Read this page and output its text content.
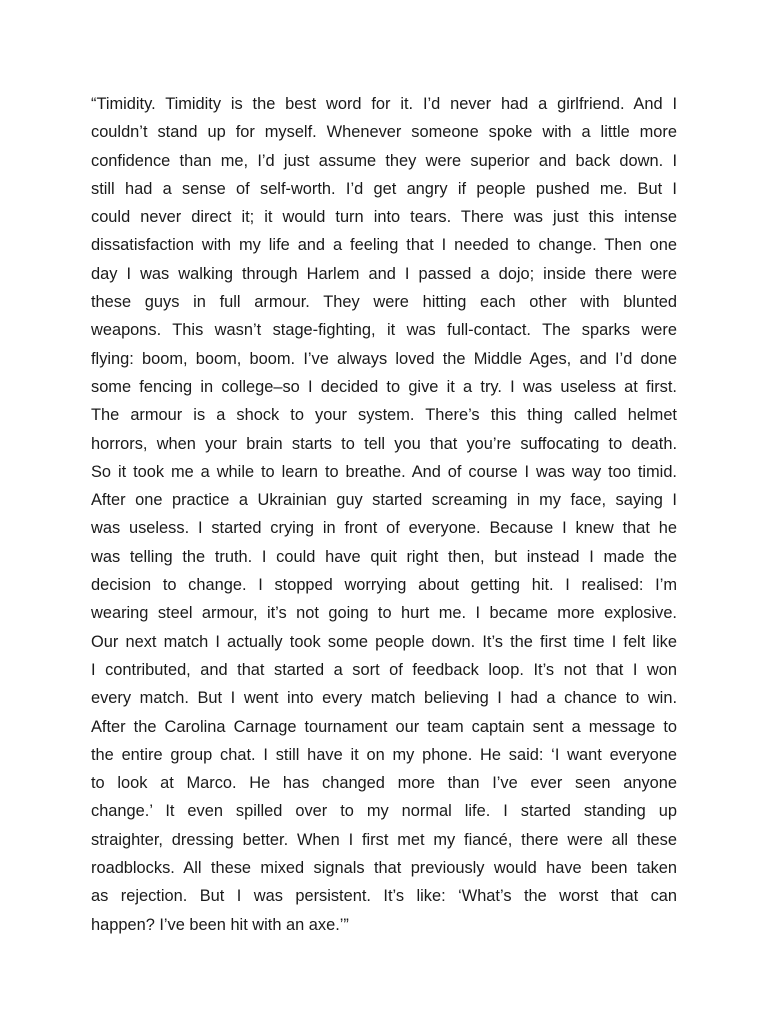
“Timidity. Timidity is the best word for it. I’d never had a girlfriend. And I
couldn’t stand up for myself. Whenever someone spoke with a little more
confidence than me, I’d just assume they were superior and back down. I
still had a sense of self-worth. I’d get angry if people pushed me. But I
could never direct it; it would turn into tears. There was just this intense
dissatisfaction with my life and a feeling that I needed to change. Then one
day I was walking through Harlem and I passed a dojo; inside there were
these guys in full armour. They were hitting each other with blunted
weapons. This wasn’t stage-fighting, it was full-contact. The sparks were
flying: boom, boom, boom. I’ve always loved the Middle Ages, and I’d done
some fencing in college–so I decided to give it a try. I was useless at first.
The armour is a shock to your system. There’s this thing called helmet
horrors, when your brain starts to tell you that you’re suffocating to death.
So it took me a while to learn to breathe. And of course I was way too timid.
After one practice a Ukrainian guy started screaming in my face, saying I
was useless. I started crying in front of everyone. Because I knew that he
was telling the truth. I could have quit right then, but instead I made the
decision to change. I stopped worrying about getting hit. I realised: I’m
wearing steel armour, it’s not going to hurt me. I became more explosive.
Our next match I actually took some people down. It’s the first time I felt like
I contributed, and that started a sort of feedback loop. It’s not that I won
every match. But I went into every match believing I had a chance to win.
After the Carolina Carnage tournament our team captain sent a message to
the entire group chat. I still have it on my phone. He said: ‘I want everyone
to look at Marco. He has changed more than I’ve ever seen anyone
change.’ It even spilled over to my normal life. I started standing up
straighter, dressing better. When I first met my fiancé, there were all these
roadblocks. All these mixed signals that previously would have been taken
as rejection. But I was persistent. It’s like: ‘What’s the worst that can
happen? I’ve been hit with an axe.’”
